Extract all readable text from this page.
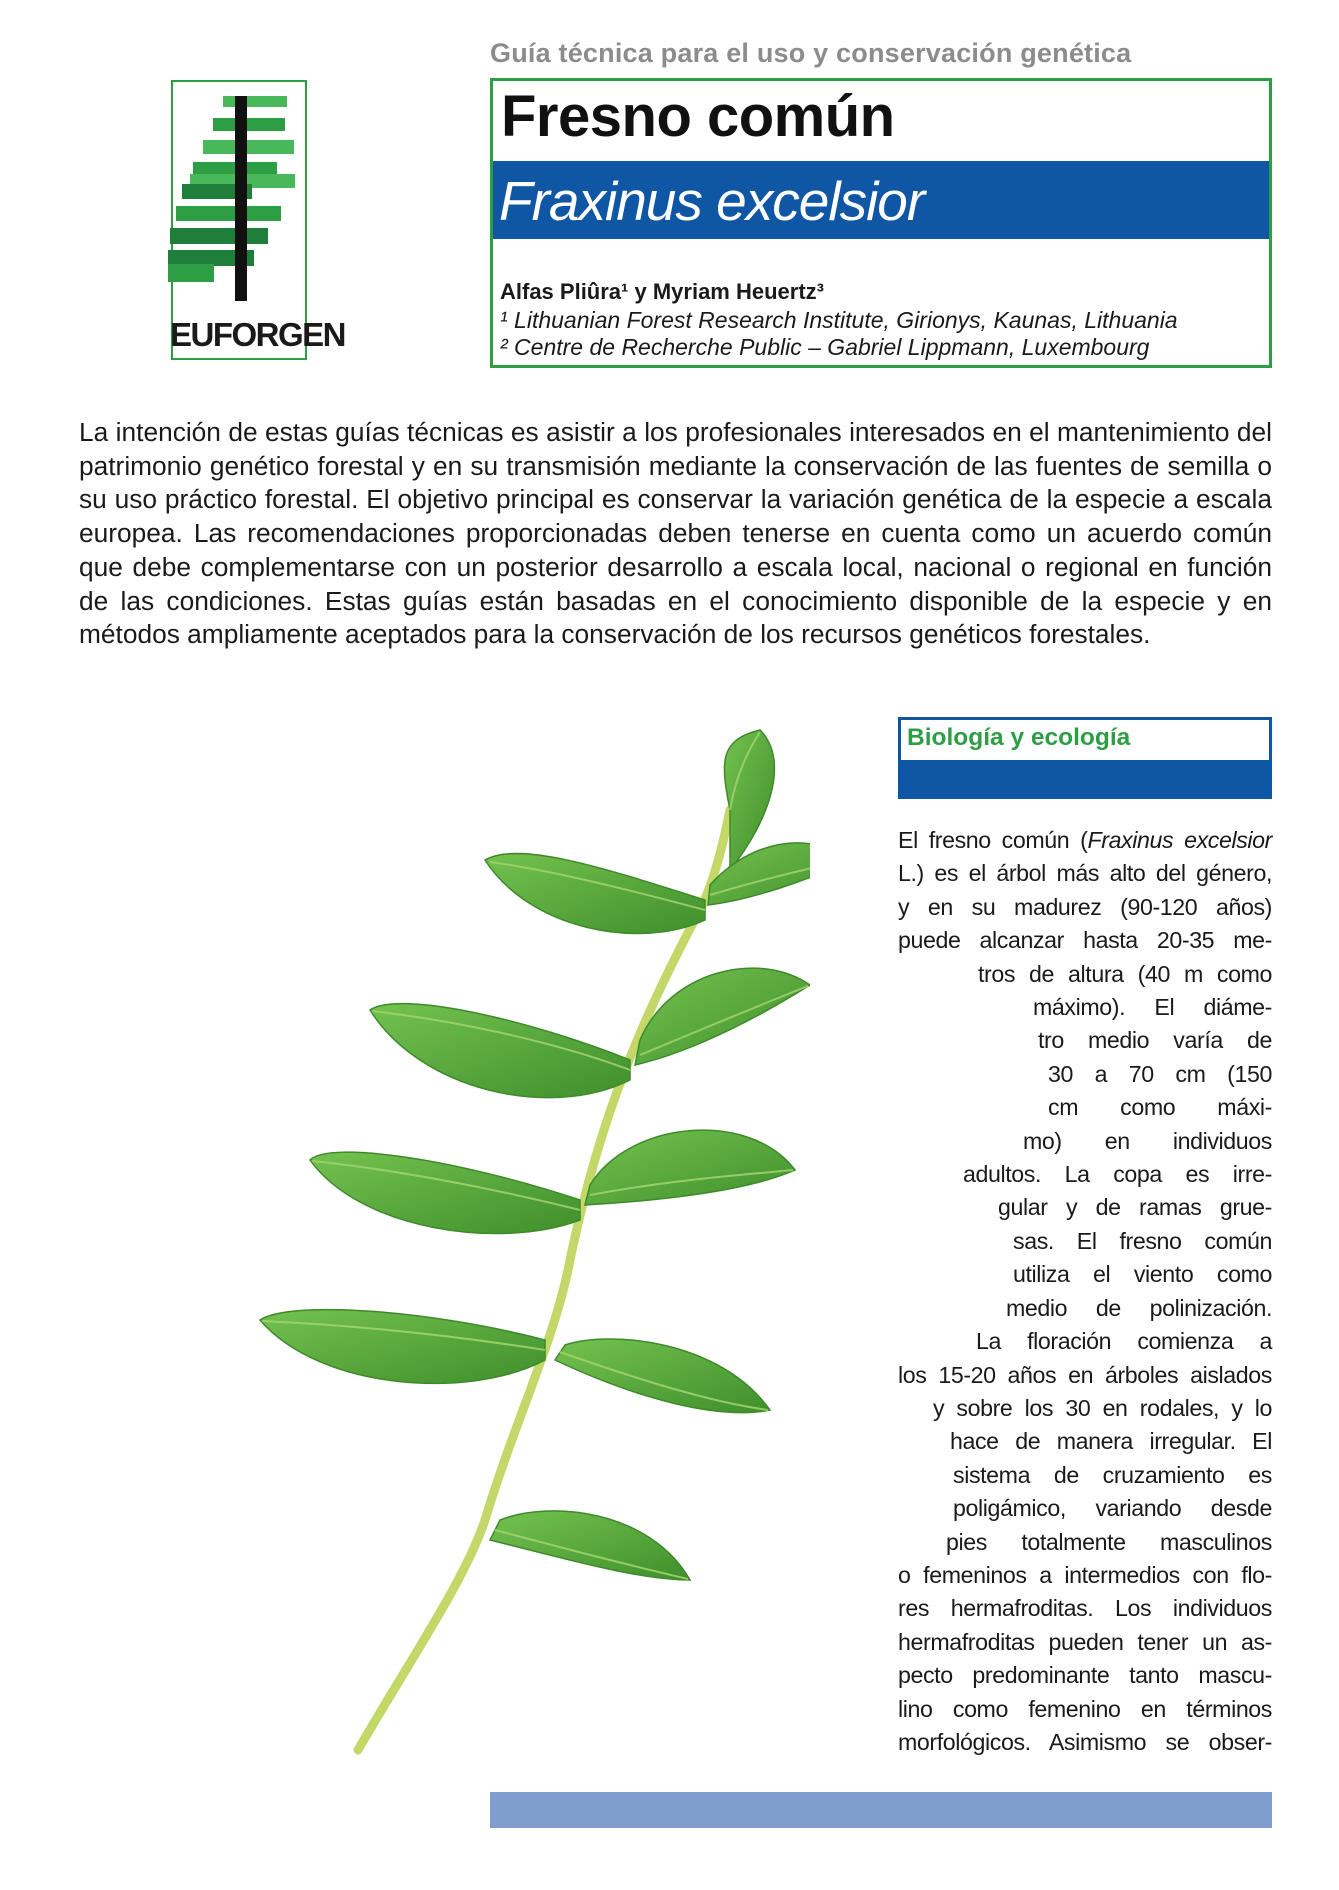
Guía técnica para el uso y conservación genética
EUFORGEN
Fresno común
Fraxinus excelsior
Alfas Pliûra¹ y Myriam Heuertz³
¹ Lithuanian Forest Research Institute, Girionys, Kaunas, Lithuania
² Centre de Recherche Public – Gabriel Lippmann, Luxembourg
La intención de estas guías técnicas es asistir a los profesionales interesados en el mantenimiento del patrimonio genético forestal y en su transmisión mediante la conservación de las fuentes de semilla o su uso práctico forestal. El objetivo principal es conservar la variación genética de la especie a escala europea. Las recomendaciones proporcionadas deben tenerse en cuenta como un acuerdo común que debe complementarse con un posterior desarrollo a escala local, nacional o regional en función de las condiciones. Estas guías están basadas en el conocimiento disponible de la especie y en métodos ampliamente aceptados para la conservación de los recursos genéticos forestales.
Biología y ecología
El fresno común (Fraxinus excelsior
L.) es el árbol más alto del género,
y en su madurez (90-120 años)
puede alcanzar hasta 20-35 me-
tros de altura (40 m como
máximo). El diáme-
tro medio varía de
30 a 70 cm (150
cm como máxi-
mo) en individuos
adultos. La copa es irre-
gular y de ramas grue-
sas. El fresno común
utiliza el viento como
medio de polinización.
La floración comienza a
los 15-20 años en árboles aislados
y sobre los 30 en rodales, y lo
hace de manera irregular. El
sistema de cruzamiento es
poligámico, variando desde
pies totalmente masculinos
o femeninos a intermedios con flo-
res hermafroditas. Los individuos
hermafroditas pueden tener un as-
pecto predominante tanto mascu-
lino como femenino en términos
morfológicos. Asimismo se obser-
